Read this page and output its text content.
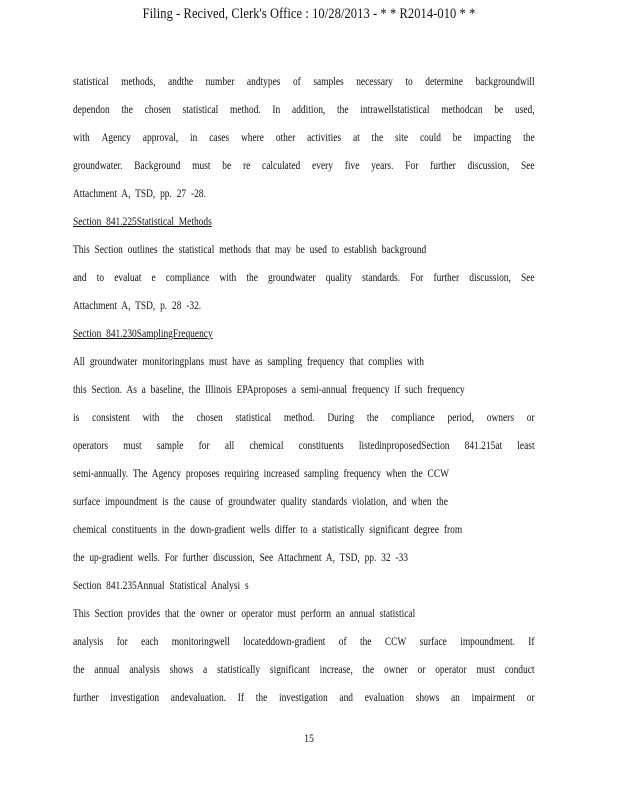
Filing - Recived, Clerk's Office : 10/28/2013 - * * R2014-010 * *
statistical methods, andthe number andtypes of samples necessary to determine backgroundwill
dependon the chosen statistical method. In addition, the intrawellstatistical methodcan be used,
with Agency approval, in cases where other activities at the site could be impacting the
groundwater. Background must be re calculated every five years. For further discussion, See
Attachment A, TSD, pp. 27 -28.
Section 841.225Statistical Methods
This Section outlines the statistical methods that may be used to establish background
and to evaluat e compliance with the groundwater quality standards. For further discussion, See
Attachment A, TSD, p. 28 -32.
Section 841.230SamplingFrequency
All groundwater monitoringplans must have as sampling frequency that complies with
this Section. As a baseline, the Illinois EPAproposes a semi-annual frequency if such frequency
is consistent with the chosen statistical method. During the compliance period, owners or
operators must sample for all chemical constituents listedinproposedSection 841.215at least
semi-annually. The Agency proposes requiring increased sampling frequency when the CCW
surface impoundment is the cause of groundwater quality standards violation, and when the
chemical constituents in the down-gradient wells differ to a statistically significant degree from
the up-gradient wells. For further discussion, See Attachment A, TSD, pp. 32 -33
Section 841.235Annual Statistical Analysi s
This Section provides that the owner or operator must perform an annual statistical
analysis for each monitoringwell locateddown-gradient of the CCW surface impoundment. If
the annual analysis shows a statistically significant increase, the owner or operator must conduct
further investigation andevaluation. If the investigation and evaluation shows an impairment or
15
